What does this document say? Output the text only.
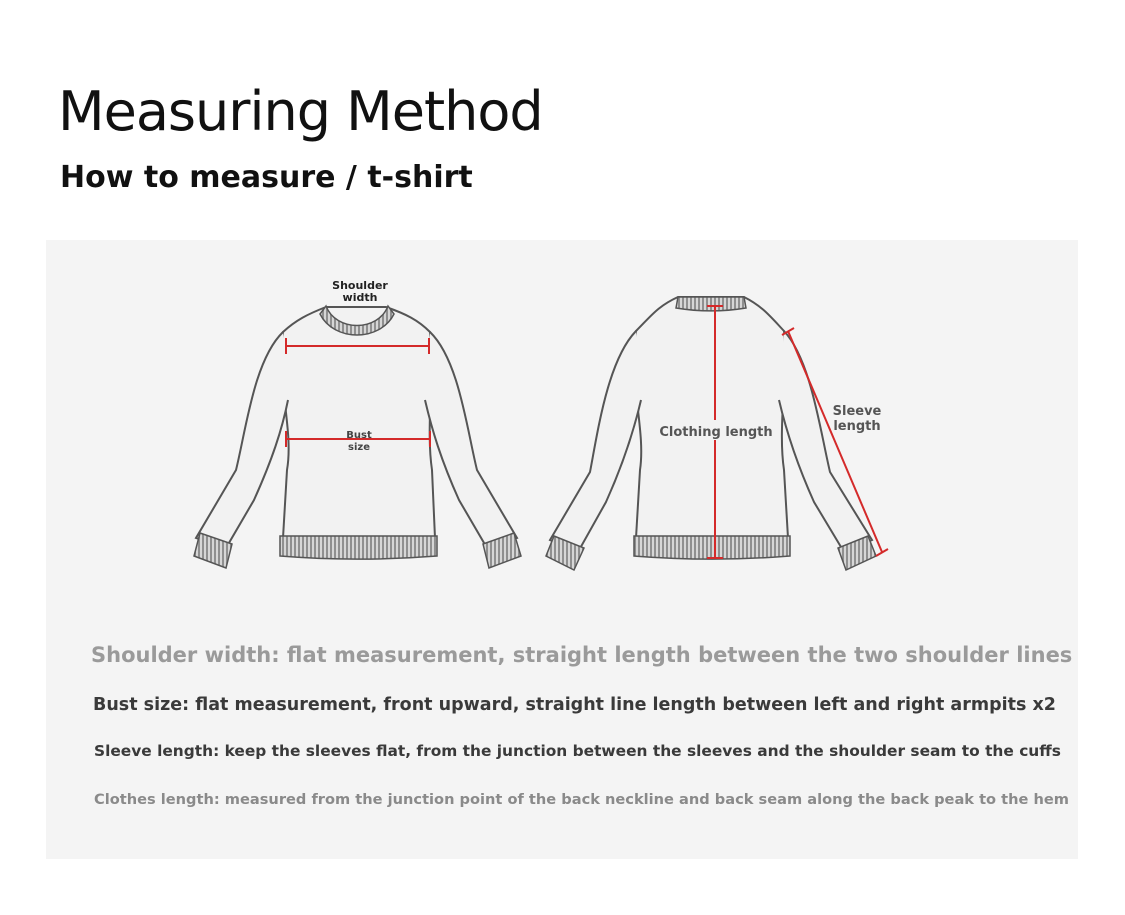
Measuring Method
How to measure / t-shirt
Shoulder
width
Bust
size
Clothing length
Sleeve
length

Shoulder width: flat measurement, straight length between the two shoulder lines

Bust size: flat measurement, front upward, straight line length between left and right armpits x2

Sleeve length: keep the sleeves flat, from the junction between the sleeves and the shoulder seam to the cuffs

Clothes length: measured from the junction point of the back neckline and back seam along the back peak to the hem
